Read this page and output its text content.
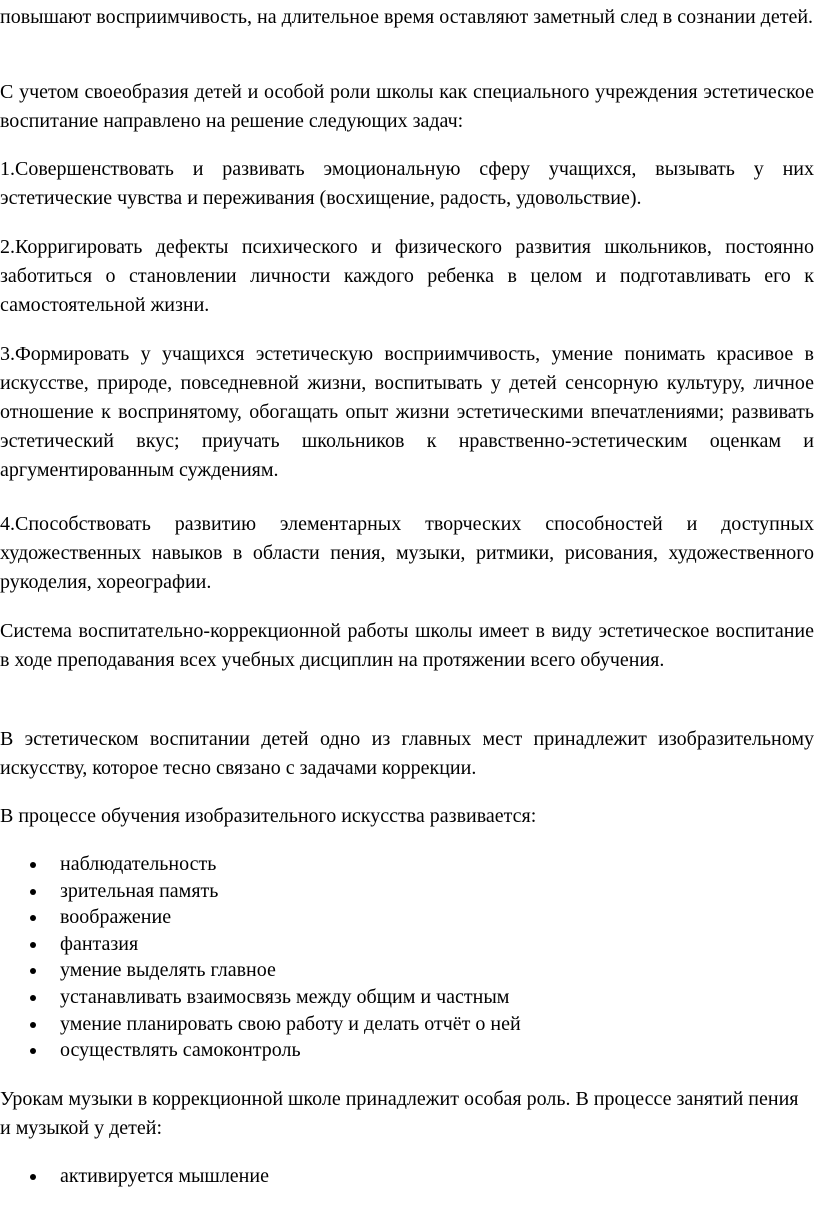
повышают восприимчивость, на длительное время оставляют заметный след в сознании детей.

С учетом своеобразия детей и особой роли школы как специального учреждения эстетическое воспитание направлено на решение следующих задач:

1.Совершенствовать и развивать эмоциональную сферу учащихся, вызывать у них эстетические чувства и переживания (восхищение, радость, удовольствие).

2.Корригировать дефекты психического и физического развития школьников, постоянно заботиться о становлении личности каждого ребенка в целом и подготавливать его к самостоятельной жизни.

3.Формировать у учащихся эстетическую восприимчивость, умение понимать красивое в искусстве, природе, повседневной жизни, воспитывать у детей сенсорную культуру, личное отношение к воспринятому, обогащать опыт жизни эстетическими впечатлениями; развивать эстетический вкус; приучать школьников к нравственно-эстетическим оценкам и аргументированным суждениям.

4.Способствовать развитию элементарных творческих способностей и доступных художественных навыков в области пения, музыки, ритмики, рисования, художественного рукоделия, хореографии.

Система воспитательно-коррекционной работы школы имеет в виду эстетическое воспитание в ходе преподавания всех учебных дисциплин на протяжении всего обучения.

В эстетическом воспитании детей одно из главных мест принадлежит изобразительному искусству, которое тесно связано с задачами коррекции.

В процессе обучения изобразительного искусства развивается:

наблюдательность
зрительная память
воображение
фантазия
умение выделять главное
устанавливать взаимосвязь между общим и частным
умение планировать свою работу и делать отчёт о ней
осуществлять самоконтроль

Урокам музыки в коррекционной школе принадлежит особая роль. В процессе занятий пения и музыкой у детей:

активируется мышление
